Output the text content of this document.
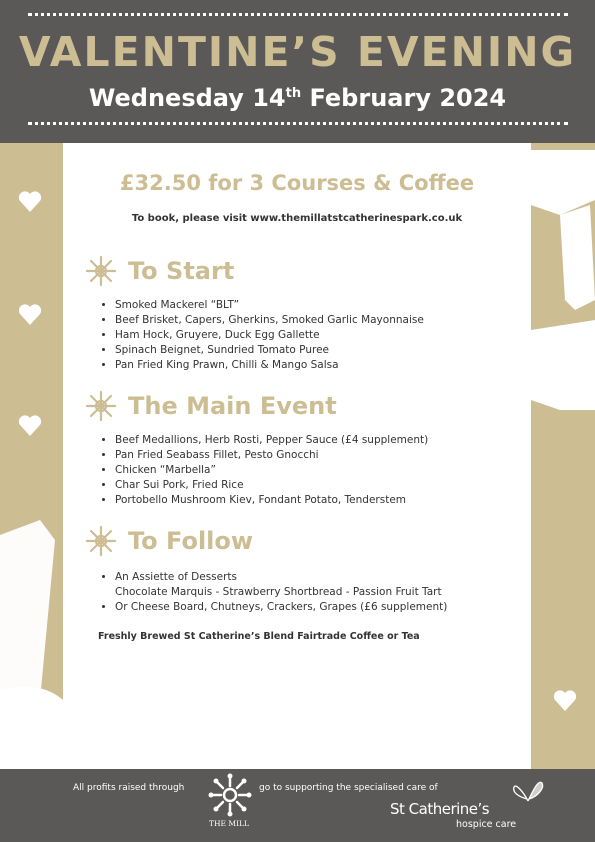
VALENTINE’S EVENING
Wednesday 14th February 2024
£32.50 for 3 Courses & Coffee
To book, please visit www.themillatstcatherinespark.co.uk
To Start
• Smoked Mackerel “BLT”
• Beef Brisket, Capers, Gherkins, Smoked Garlic Mayonnaise
• Ham Hock, Gruyere, Duck Egg Gallette
• Spinach Beignet, Sundried Tomato Puree
• Pan Fried King Prawn, Chilli & Mango Salsa
The Main Event
• Beef Medallions, Herb Rosti, Pepper Sauce (£4 supplement)
• Pan Fried Seabass Fillet, Pesto Gnocchi
• Chicken “Marbella”
• Char Sui Pork, Fried Rice
• Portobello Mushroom Kiev, Fondant Potato, Tenderstem
To Follow
• An Assiette of Desserts
Chocolate Marquis - Strawberry Shortbread - Passion Fruit Tart
• Or Cheese Board, Chutneys, Crackers, Grapes (£6 supplement)
Freshly Brewed St Catherine’s Blend Fairtrade Coffee or Tea
All profits raised through
THE MILL
go to supporting the specialised care of
St Catherine’s
hospice care
